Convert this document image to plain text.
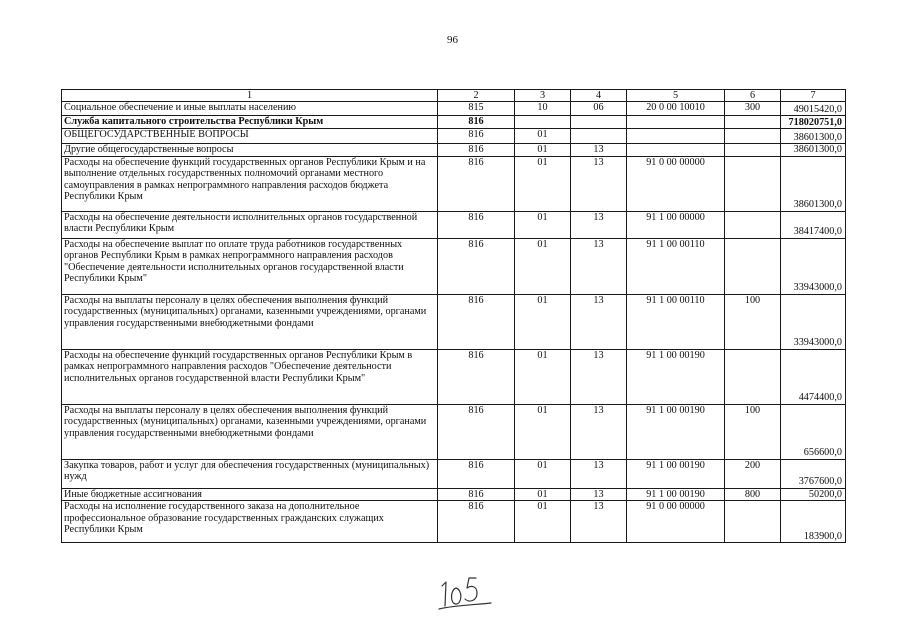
96
1	2	3	4	5	6	7
Социальное обеспечение и иные выплаты населению	815	10	06	20 0 00 10010	300	49015420,0
Служба капитального строительства Республики Крым	816					718020751,0
ОБЩЕГОСУДАРСТВЕННЫЕ ВОПРОСЫ	816	01				38601300,0
Другие общегосударственные вопросы	816	01	13			38601300,0
Расходы на обеспечение функций государственных органов Республики Крым и на выполнение отдельных государственных полномочий органами местного самоуправления в рамках непрограммного направления расходов бюджета Республики Крым	816	01	13	91 0 00 00000		38601300,0
Расходы на обеспечение деятельности исполнительных органов государственной власти Республики Крым	816	01	13	91 1 00 00000		38417400,0
Расходы на обеспечение выплат по оплате труда работников государственных органов Республики Крым в рамках непрограммного направления расходов "Обеспечение деятельности исполнительных органов государственной власти Республики Крым"	816	01	13	91 1 00 00110		33943000,0
Расходы на выплаты персоналу в целях обеспечения выполнения функций государственных (муниципальных) органами, казенными учреждениями, органами управления государственными внебюджетными фондами	816	01	13	91 1 00 00110	100	33943000,0
Расходы на обеспечение функций государственных органов Республики Крым в рамках непрограммного направления расходов "Обеспечение деятельности исполнительных органов государственной власти Республики Крым"	816	01	13	91 1 00 00190		4474400,0
Расходы на выплаты персоналу в целях обеспечения выполнения функций государственных (муниципальных) органами, казенными учреждениями, органами управления государственными внебюджетными фондами	816	01	13	91 1 00 00190	100	656600,0
Закупка товаров, работ и услуг для обеспечения государственных (муниципальных) нужд	816	01	13	91 1 00 00190	200	3767600,0
Иные бюджетные ассигнования	816	01	13	91 1 00 00190	800	50200,0
Расходы на исполнение государственного заказа на дополнительное профессиональное образование государственных гражданских служащих Республики Крым	816	01	13	91 0 00 00000		183900,0
